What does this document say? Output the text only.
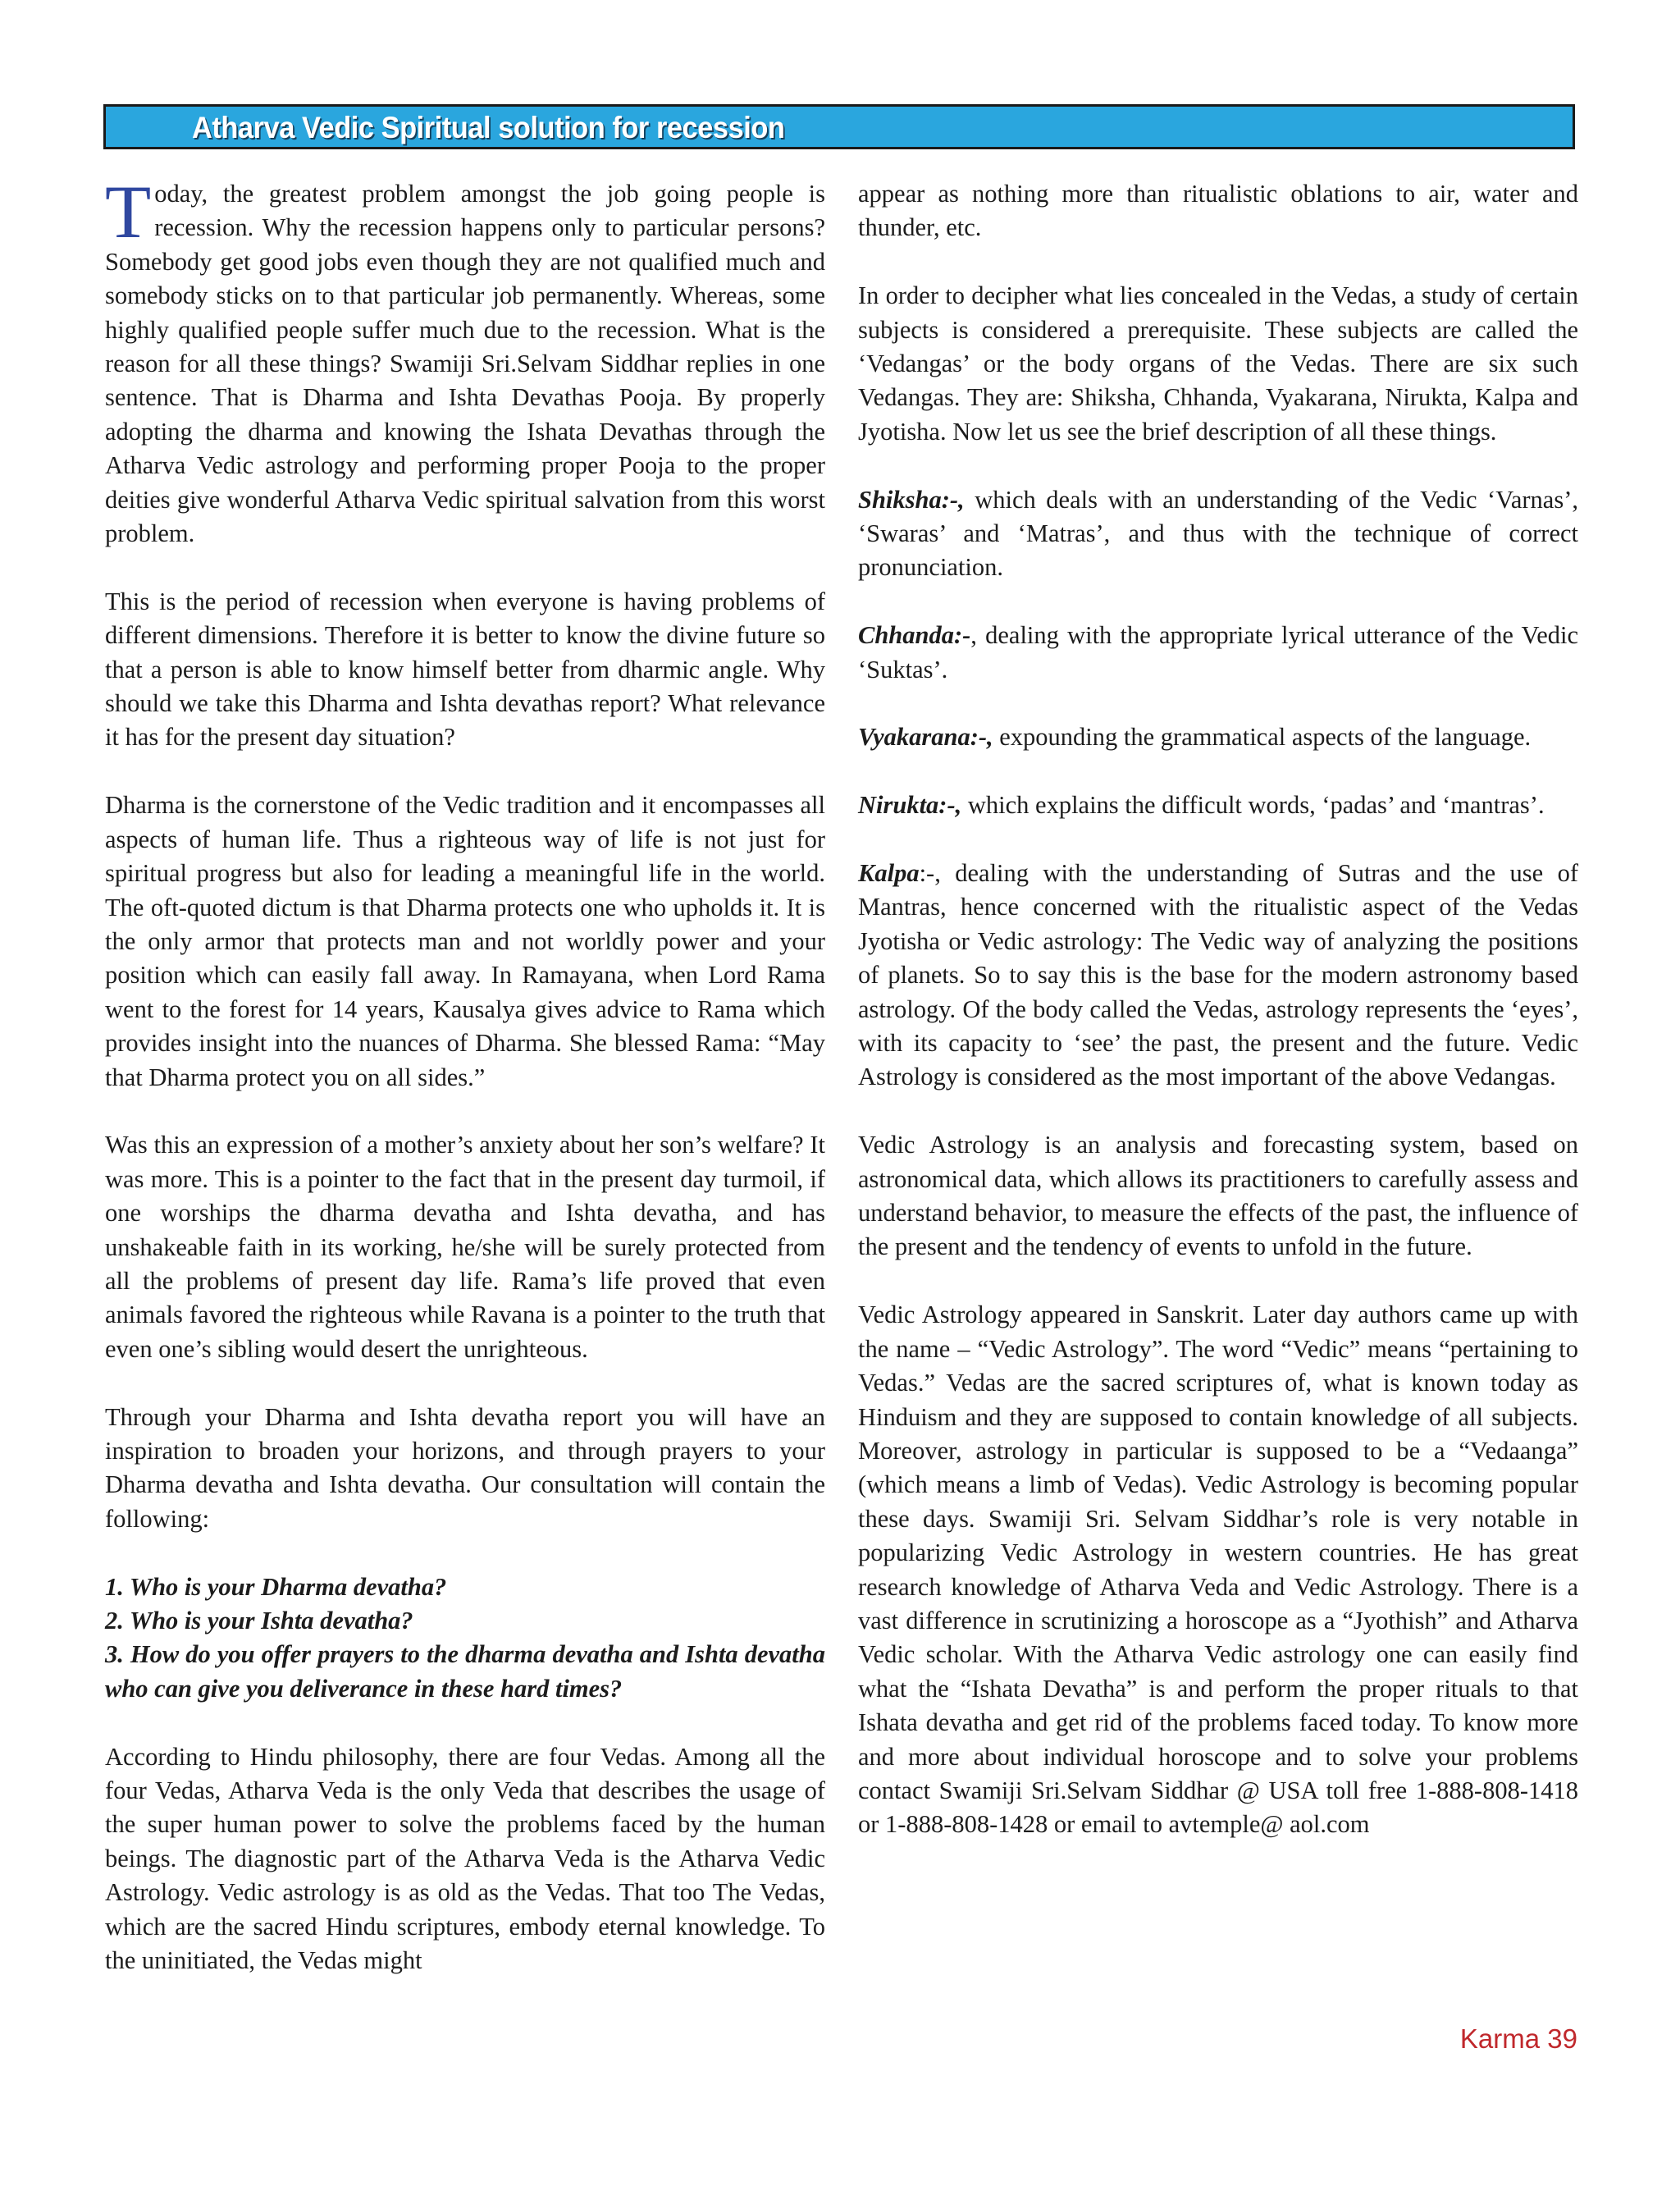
Atharva Vedic Spiritual solution for recession

Today, the greatest problem amongst the job going people is recession. Why the recession happens only to particular persons? Somebody get good jobs even though they are not qualified much and somebody sticks on to that particular job permanently. Whereas, some highly qualified people suffer much due to the recession. What is the reason for all these things? Swamiji Sri.Selvam Siddhar replies in one sentence. That is Dharma and Ishta Devathas Pooja. By properly adopting the dharma and knowing the Ishata Devathas through the Atharva Vedic astrology and performing proper Pooja to the proper deities give wonderful Atharva Vedic spiritual salvation from this worst problem.

This is the period of recession when everyone is having problems of different dimensions. Therefore it is better to know the divine future so that a person is able to know himself better from dharmic angle. Why should we take this Dharma and Ishta devathas report? What relevance it has for the present day situation?

Dharma is the cornerstone of the Vedic tradition and it encompasses all aspects of human life. Thus a righteous way of life is not just for spiritual progress but also for leading a meaningful life in the world. The oft-quoted dictum is that Dharma protects one who upholds it. It is the only armor that protects man and not worldly power and your position which can easily fall away. In Ramayana, when Lord Rama went to the forest for 14 years, Kausalya gives advice to Rama which provides insight into the nuances of Dharma. She blessed Rama: “May that Dharma protect you on all sides.”

Was this an expression of a mother’s anxiety about her son’s welfare? It was more. This is a pointer to the fact that in the present day turmoil, if one worships the dharma devatha and Ishta devatha, and has unshakeable faith in its working, he/she will be surely protected from all the problems of present day life. Rama’s life proved that even animals favored the righteous while Ravana is a pointer to the truth that even one’s sibling would desert the unrighteous.

Through your Dharma and Ishta devatha report you will have an inspiration to broaden your horizons, and through prayers to your Dharma devatha and Ishta devatha. Our consultation will contain the following:

1. Who is your Dharma devatha?
2. Who is your Ishta devatha?
3. How do you offer prayers to the dharma devatha and Ishta devatha who can give you deliverance in these hard times?

According to Hindu philosophy, there are four Vedas. Among all the four Vedas, Atharva Veda is the only Veda that describes the usage of the super human power to solve the problems faced by the human beings. The diagnostic part of the Atharva Veda is the Atharva Vedic Astrology. Vedic astrology is as old as the Vedas. That too The Vedas, which are the sacred Hindu scriptures, embody eternal knowledge. To the uninitiated, the Vedas might

appear as nothing more than ritualistic oblations to air, water and thunder, etc.

In order to decipher what lies concealed in the Vedas, a study of certain subjects is considered a prerequisite. These subjects are called the ‘Vedangas’ or the body organs of the Vedas. There are six such Vedangas. They are: Shiksha, Chhanda, Vyakarana, Nirukta, Kalpa and Jyotisha. Now let us see the brief description of all these things.

Shiksha:-, which deals with an understanding of the Vedic ‘Varnas’, ‘Swaras’ and ‘Matras’, and thus with the technique of correct pronunciation.

Chhanda:-, dealing with the appropriate lyrical utterance of the Vedic ‘Suktas’.

Vyakarana:-, expounding the grammatical aspects of the language.

Nirukta:-, which explains the difficult words, ‘padas’ and ‘mantras’.

Kalpa:-, dealing with the understanding of Sutras and the use of Mantras, hence concerned with the ritualistic aspect of the Vedas Jyotisha or Vedic astrology: The Vedic way of analyzing the positions of planets. So to say this is the base for the modern astronomy based astrology. Of the body called the Vedas, astrology represents the ‘eyes’, with its capacity to ‘see’ the past, the present and the future. Vedic Astrology is considered as the most important of the above Vedangas.

Vedic Astrology is an analysis and forecasting system, based on astronomical data, which allows its practitioners to carefully assess and understand behavior, to measure the effects of the past, the influence of the present and the tendency of events to unfold in the future.

Vedic Astrology appeared in Sanskrit. Later day authors came up with the name – “Vedic Astrology”. The word “Vedic” means “pertaining to Vedas.” Vedas are the sacred scriptures of, what is known today as Hinduism and they are supposed to contain knowledge of all subjects. Moreover, astrology in particular is supposed to be a “Vedaanga” (which means a limb of Vedas). Vedic Astrology is becoming popular these days. Swamiji Sri. Selvam Siddhar’s role is very notable in popularizing Vedic Astrology in western countries. He has great research knowledge of Atharva Veda and Vedic Astrology. There is a vast difference in scrutinizing a horoscope as a “Jyothish” and Atharva Vedic scholar. With the Atharva Vedic astrology one can easily find what the “Ishata Devatha” is and perform the proper rituals to that Ishata devatha and get rid of the problems faced today. To know more and more about individual horoscope and to solve your problems contact Swamiji Sri.Selvam Siddhar @ USA toll free 1-888-808-1418 or 1-888-808-1428 or email to avtemple@ aol.com

Karma 39
